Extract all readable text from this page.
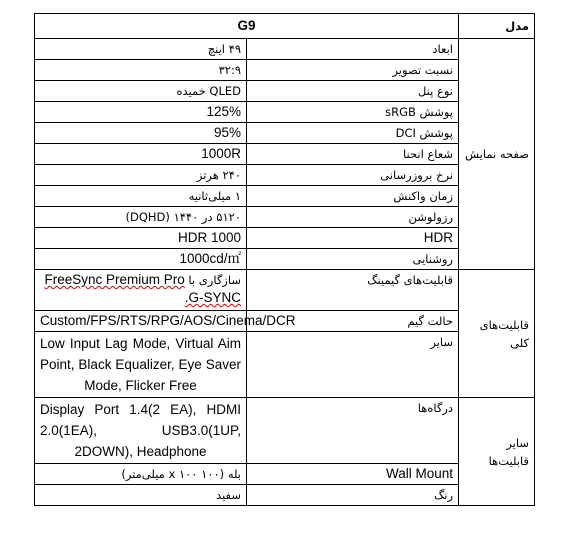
مدل	G9	
صفحه نمایش	ابعاد	۴۹ اینچ
	نسبت تصویر	۳۲:۹
	نوع پنل	QLED خمیده
	پوشش sRGB	125%
	پوشش DCI	95%
	شعاع انحنا	1000R
	نرخ بروزرسانی	۲۴۰ هرتز
	زمان واکنش	۱ میلی‌ثانیه
	رزولوشن	۵۱۲۰ در ۱۴۴۰ (DQHD)
	HDR	HDR 1000
	روشنایی	1000cd/㎡
قابلیت‌های کلی	قابلیت‌های گیمینگ	سازگاری با FreeSync Premium Pro .G-SYNC
	حالت گیم	Custom/FPS/RTS/RPG/AOS/Cinema/DCR
	سایر	Low Input Lag Mode, Virtual Aim Point, Black Equalizer, Eye Saver Mode, Flicker Free
سایر قابلیت‌ها	درگاه‌ها	Display Port 1.4(2 EA), HDMI 2.0(1EA), USB3.0(1UP, 2DOWN), Headphone
	Wall Mount	بله (۱۰۰ x ۱۰۰ میلی‌متر)
	رنگ	سفید
